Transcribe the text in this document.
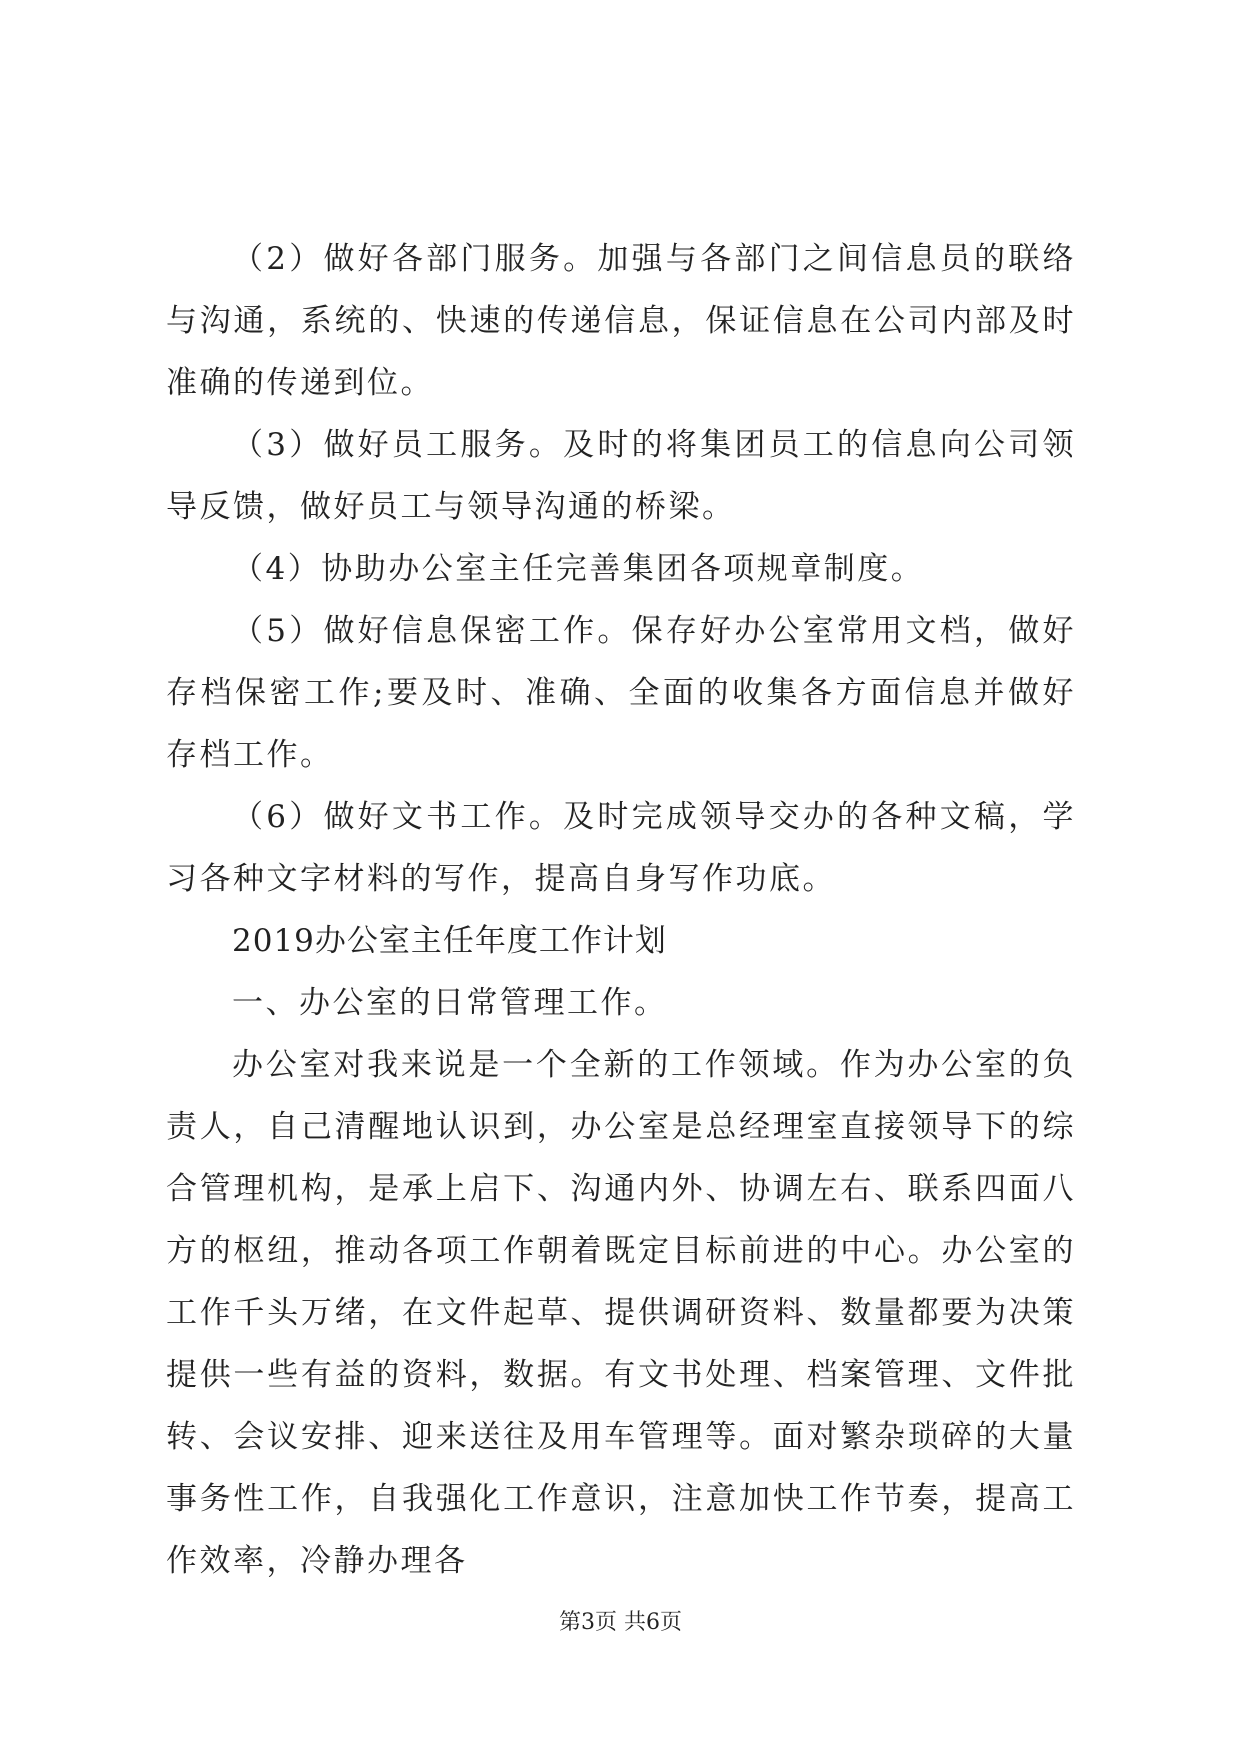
（2）做好各部门服务。加强与各部门之间信息员的联络与沟通，系统的、快速的传递信息，保证信息在公司内部及时准确的传递到位。

（3）做好员工服务。及时的将集团员工的信息向公司领导反馈，做好员工与领导沟通的桥梁。

（4）协助办公室主任完善集团各项规章制度。

（5）做好信息保密工作。保存好办公室常用文档，做好存档保密工作;要及时、准确、全面的收集各方面信息并做好存档工作。

（6）做好文书工作。及时完成领导交办的各种文稿，学习各种文字材料的写作，提高自身写作功底。

2019办公室主任年度工作计划

一、办公室的日常管理工作。

办公室对我来说是一个全新的工作领域。作为办公室的负责人，自己清醒地认识到，办公室是总经理室直接领导下的综合管理机构，是承上启下、沟通内外、协调左右、联系四面八方的枢纽，推动各项工作朝着既定目标前进的中心。办公室的工作千头万绪，在文件起草、提供调研资料、数量都要为决策提供一些有益的资料，数据。有文书处理、档案管理、文件批转、会议安排、迎来送往及用车管理等。面对繁杂琐碎的大量事务性工作，自我强化工作意识，注意加快工作节奏，提高工作效率，冷静办理各

第3页 共6页
